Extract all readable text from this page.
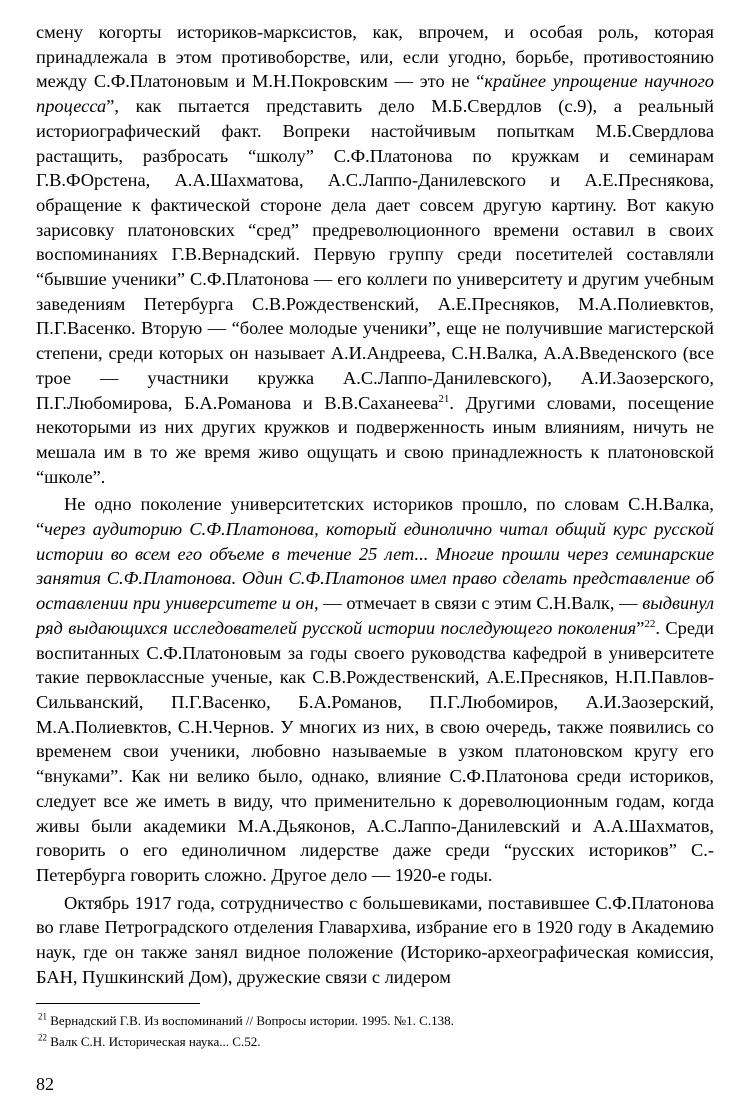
смену когорты историков-марксистов, как, впрочем, и особая роль, которая принадлежала в этом противоборстве, или, если угодно, борьбе, противостоянию между С.Ф.Платоновым и М.Н.Покровским — это не “крайнее упрощение научного процесса”, как пытается представить дело М.Б.Свердлов (с.9), а реальный историографический факт. Вопреки настойчивым попыткам М.Б.Свердлова растащить, разбросать “школу” С.Ф.Платонова по кружкам и семинарам Г.В.ФОрстена, А.А.Шахматова, А.С.Лаппо-Данилевского и А.Е.Преснякова, обращение к фактической стороне дела дает совсем другую картину. Вот какую зарисовку платоновских “сред” предреволюционного времени оставил в своих воспоминаниях Г.В.Вернадский. Первую группу среди посетителей составляли “бывшие ученики” С.Ф.Платонова — его коллеги по университету и другим учебным заведениям Петербурга С.В.Рождественский, А.Е.Пресняков, М.А.Полиевктов, П.Г.Васенко. Вторую — “более молодые ученики”, еще не получившие магистерской степени, среди которых он называет А.И.Андреева, С.Н.Валка, А.А.Введенского (все трое — участники кружка А.С.Лаппо-Данилевского), А.И.Заозерского, П.Г.Любомирова, Б.А.Романова и В.В.Саханеева$^{21}$. Другими словами, посещение некоторыми из них других кружков и подверженность иным влияниям, ничуть не мешала им в то же время живо ощущать и свою принадлежность к платоновской “школе”.

Не одно поколение университетских историков прошло, по словам С.Н.Валка, “через аудиторию С.Ф.Платонова, который единолично читал общий курс русской истории во всем его объеме в течение 25 лет... Многие прошли через семинарские занятия С.Ф.Платонова. Один С.Ф.Платонов имел право сделать представление об оставлении при университете и он, — отмечает в связи с этим С.Н.Валк, — выдвинул ряд выдающихся исследователей русской истории последующего поколения”$^{22}$. Среди воспитанных С.Ф.Платоновым за годы своего руководства кафедрой в университете такие первоклассные ученые, как С.В.Рождественский, А.Е.Пресняков, Н.П.Павлов-Сильванский, П.Г.Васенко, Б.А.Романов, П.Г.Любомиров, А.И.Заозерский, М.А.Полиевктов, С.Н.Чернов. У многих из них, в свою очередь, также появились со временем свои ученики, любовно называемые в узком платоновском кругу его “внуками”. Как ни велико было, однако, влияние С.Ф.Платонова среди историков, следует все же иметь в виду, что применительно к дореволюционным годам, когда живы были академики М.А.Дьяконов, А.С.Лаппо-Данилевский и А.А.Шахматов, говорить о его единоличном лидерстве даже среди “русских историков” С.-Петербурга говорить сложно. Другое дело — 1920-е годы.

Октябрь 1917 года, сотрудничество с большевиками, поставившее С.Ф.Платонова во главе Петроградского отделения Главархива, избрание его в 1920 году в Академию наук, где он также занял видное положение (Историко-археографическая комиссия, БАН, Пушкинский Дом), дружеские связи с лидером

$^{21}$ Вернадский Г.В. Из воспоминаний // Вопросы истории. 1995. №1. С.138.

$^{22}$ Валк С.Н. Историческая наука... С.52.

82
